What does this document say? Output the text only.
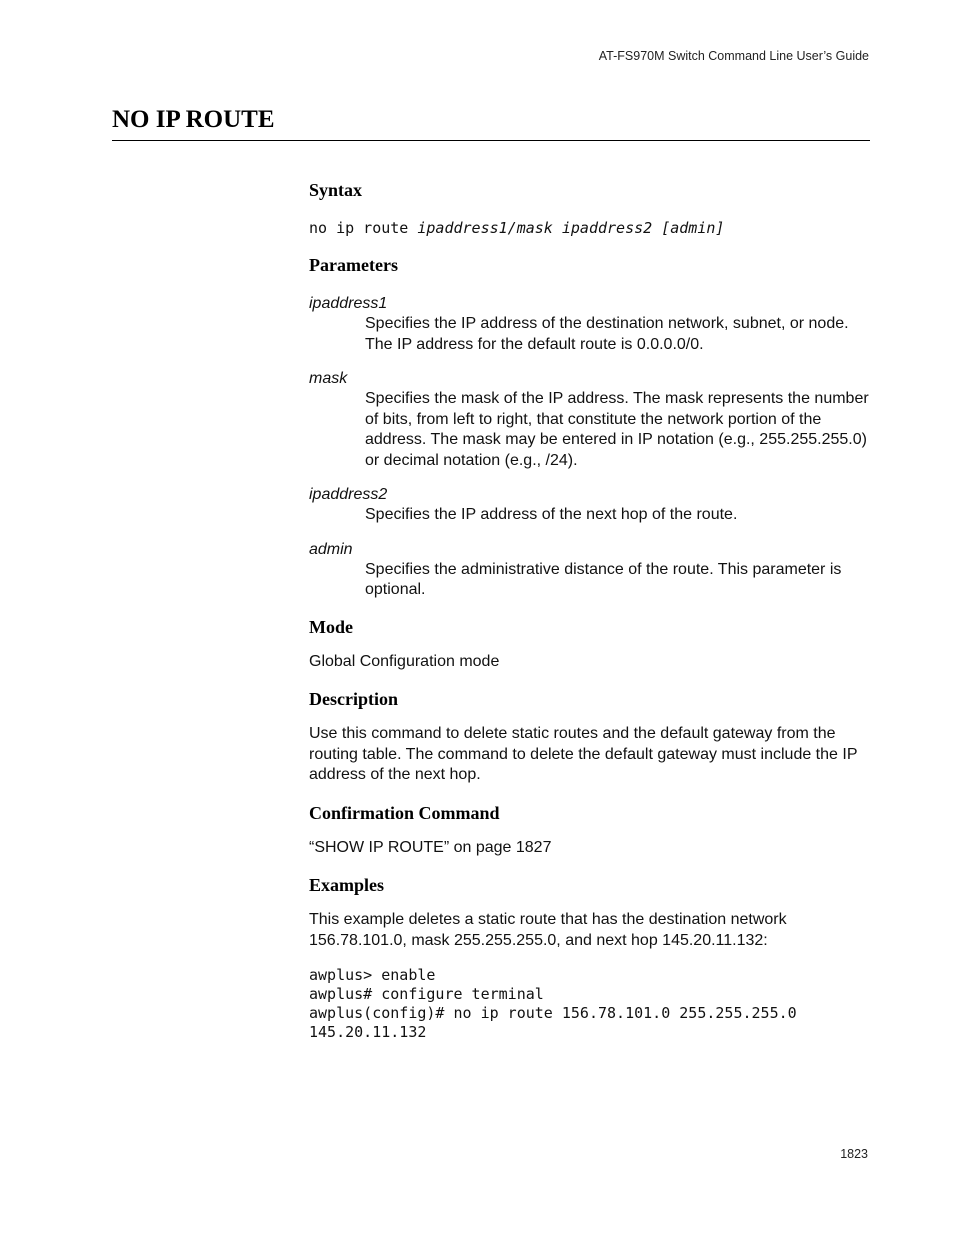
AT-FS970M Switch Command Line User’s Guide
NO IP ROUTE
Syntax
no ip route ipaddress1/mask ipaddress2 [admin]
Parameters
ipaddress1
Specifies the IP address of the destination network, subnet, or node. The IP address for the default route is 0.0.0.0/0.
mask
Specifies the mask of the IP address. The mask represents the number of bits, from left to right, that constitute the network portion of the address. The mask may be entered in IP notation (e.g., 255.255.255.0) or decimal notation (e.g., /24).
ipaddress2
Specifies the IP address of the next hop of the route.
admin
Specifies the administrative distance of the route. This parameter is optional.
Mode

Global Configuration mode

Description

Use this command to delete static routes and the default gateway from the routing table. The command to delete the default gateway must include the IP address of the next hop.

Confirmation Command

“SHOW IP ROUTE” on page 1827

Examples

This example deletes a static route that has the destination network 156.78.101.0, mask 255.255.255.0, and next hop 145.20.11.132:

awplus> enable
awplus# configure terminal
awplus(config)# no ip route 156.78.101.0 255.255.255.0
145.20.11.132
1823
